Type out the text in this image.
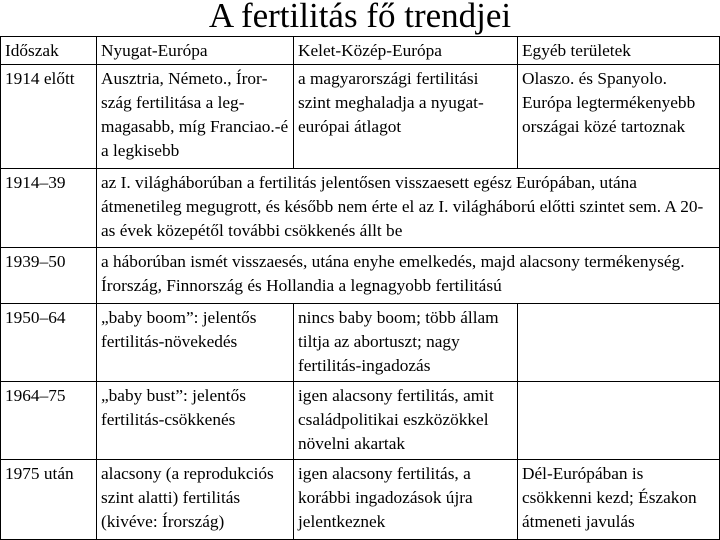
A fertilitás fő trendjei
Időszak	Nyugat-Európa	Kelet-Közép-Európa	Egyéb területek
1914 előtt	Ausztria, Németo., Írország fertilitása a legmagasabb, míg Franciao.-é a legkisebb	a magyarországi fertilitási szint meghaladja a nyugat-európai átlagot	Olaszo. és Spanyolo. Európa legtermékenyebb országai közé tartoznak
1914–39	az I. világháborúban a fertilitás jelentősen visszaesett egész Európában, utána átmenetileg megugrott, és később nem érte el az I. világháború előtti szintet sem. A 20-as évek közepétől további csökkenés állt be		
1939–50	a háborúban ismét visszaesés, utána enyhe emelkedés, majd alacsony termékenység. Írország, Finnország és Hollandia a legnagyobb fertilitású		
1950–64	„baby boom”: jelentős fertilitás-növekedés	nincs baby boom; több állam tiltja az abortuszt; nagy fertilitás-ingadozás	
1964–75	„baby bust”: jelentős fertilitás-csökkenés	igen alacsony fertilitás, amit családpolitikai eszközökkel növelni akartak	
1975 után	alacsony (a reprodukciós szint alatti) fertilitás (kivéve: Írország)	igen alacsony fertilitás, a korábbi ingadozások újra jelentkeznek	Dél-Európában is csökkenni kezd; Északon átmeneti javulás
